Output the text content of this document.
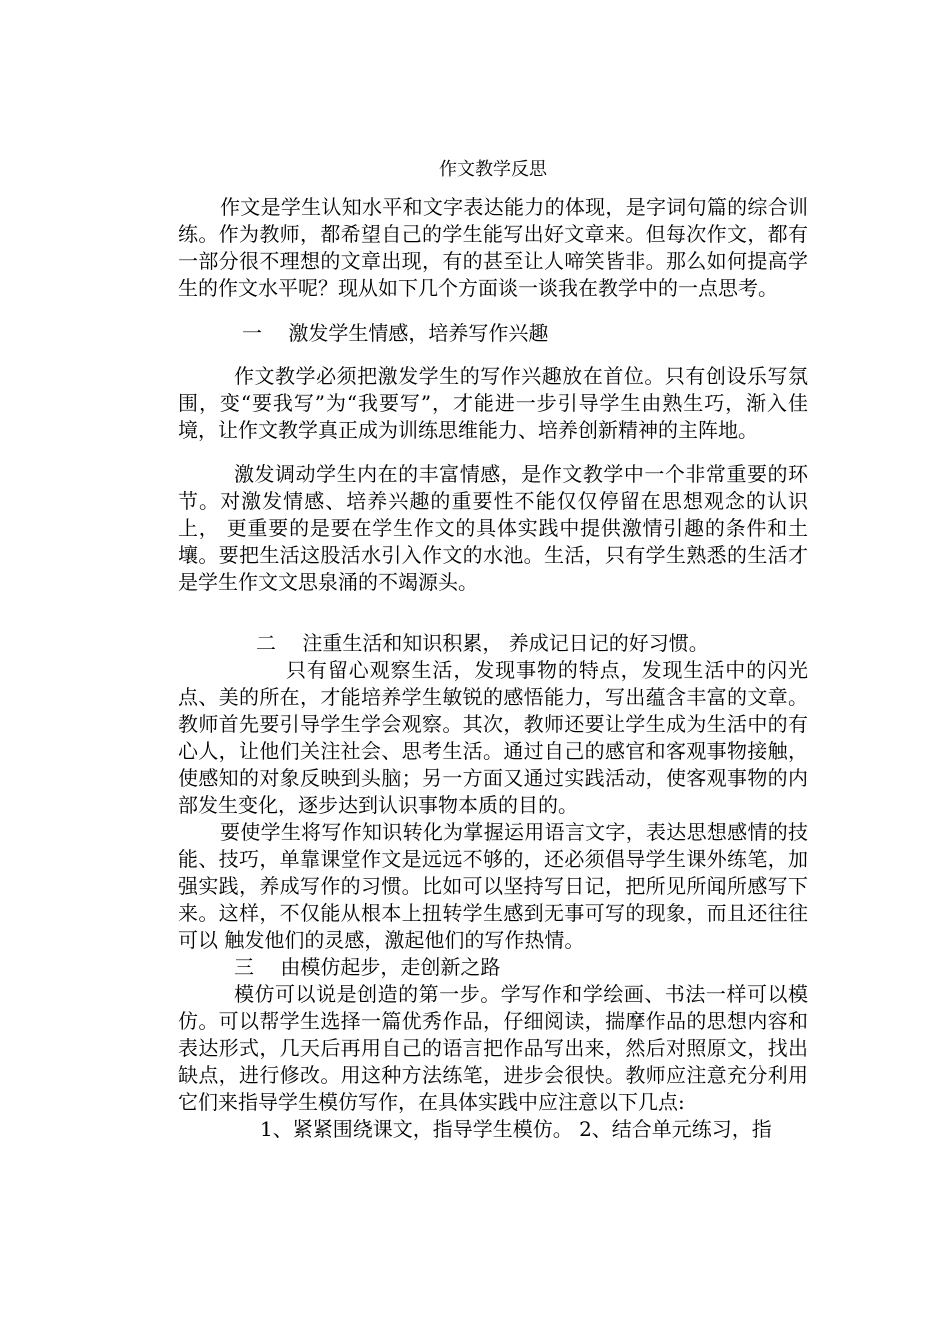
作文教学反思

作文是学生认知水平和文字表达能力的体现，是字词句篇的综合训练。作为教师，都希望自己的学生能写出好文章来。但每次作文，都有一部分很不理想的文章出现，有的甚至让人啼笑皆非。那么如何提高学生的作文水平呢？现从如下几个方面谈一谈我在教学中的一点思考。

一　 激发学生情感，培养写作兴趣

作文教学必须把激发学生的写作兴趣放在首位。只有创设乐写氛围，变“要我写”为“我要写”，才能进一步引导学生由熟生巧，渐入佳境，让作文教学真正成为训练思维能力、培养创新精神的主阵地。

激发调动学生内在的丰富情感，是作文教学中一个非常重要的环节。对激发情感、培养兴趣的重要性不能仅仅停留在思想观念的认识上， 更重要的是要在学生作文的具体实践中提供激情引趣的条件和土壤。要把生活这股活水引入作文的水池。生活，只有学生熟悉的生活才是学生作文文思泉涌的不竭源头。

二　 注重生活和知识积累， 养成记日记的好习惯。

只有留心观察生活，发现事物的特点，发现生活中的闪光点、美的所在，才能培养学生敏锐的感悟能力，写出蕴含丰富的文章。教师首先要引导学生学会观察。其次，教师还要让学生成为生活中的有心人，让他们关注社会、思考生活。通过自己的感官和客观事物接触，使感知的对象反映到头脑；另一方面又通过实践活动，使客观事物的内部发生变化，逐步达到认识事物本质的目的。

要使学生将写作知识转化为掌握运用语言文字，表达思想感情的技能、技巧，单靠课堂作文是远远不够的，还必须倡导学生课外练笔，加强实践，养成写作的习惯。比如可以坚持写日记，把所见所闻所感写下来。这样，不仅能从根本上扭转学生感到无事可写的现象，而且还往往可以 触发他们的灵感，激起他们的写作热情。

三　 由模仿起步，走创新之路

模仿可以说是创造的第一步。学写作和学绘画、书法一样可以模仿。可以帮学生选择一篇优秀作品，仔细阅读，揣摩作品的思想内容和表达形式，几天后再用自己的语言把作品写出来，然后对照原文，找出缺点，进行修改。用这种方法练笔，进步会很快。教师应注意充分利用它们来指导学生模仿写作，在具体实践中应注意以下几点:

1、紧紧围绕课文，指导学生模仿。 2、结合单元练习，指
